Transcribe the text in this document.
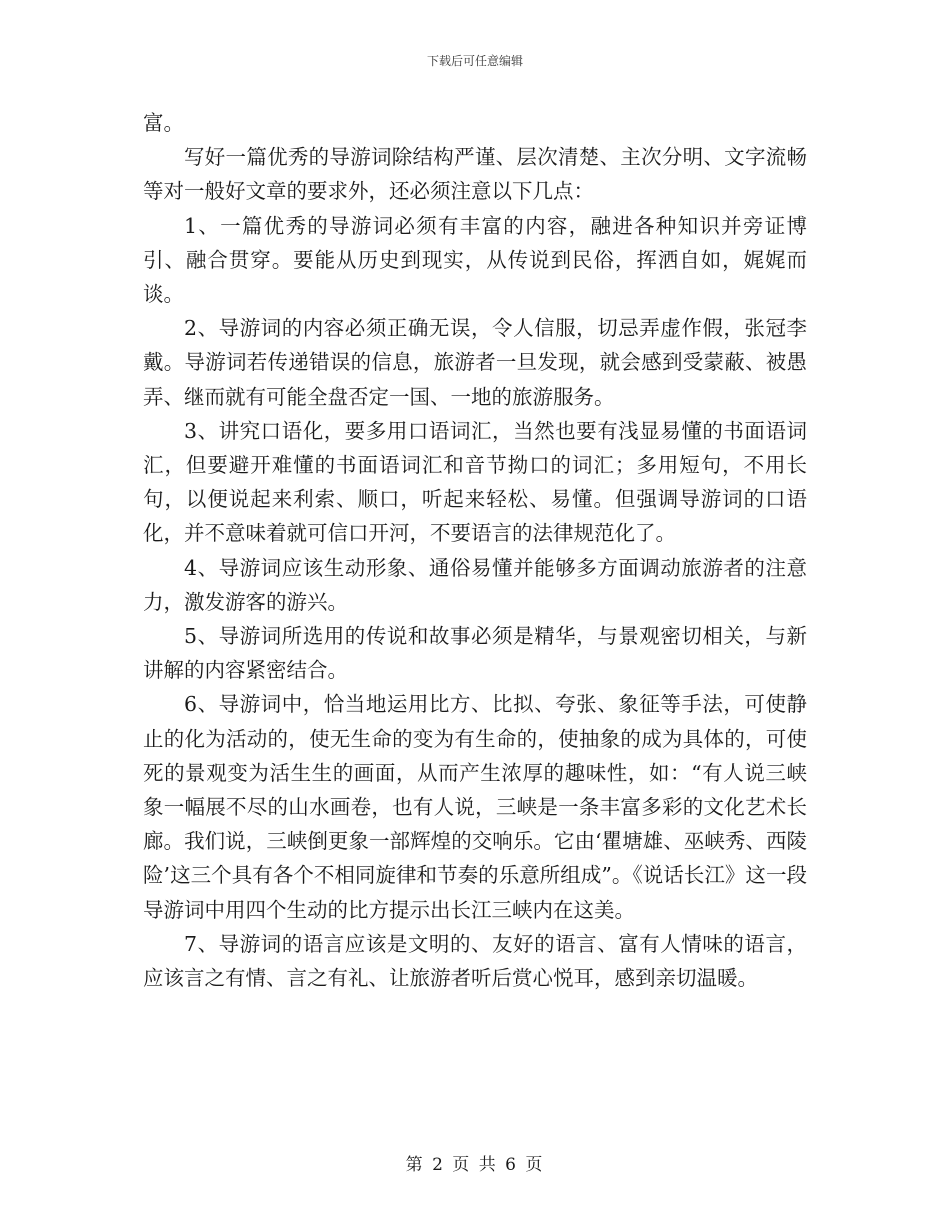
下载后可任意编辑

富。

写好一篇优秀的导游词除结构严谨、层次清楚、主次分明、文字流畅等对一般好文章的要求外，还必须注意以下几点：

1、一篇优秀的导游词必须有丰富的内容，融进各种知识并旁证博引、融合贯穿。要能从历史到现实，从传说到民俗，挥洒自如，娓娓而谈。

2、导游词的内容必须正确无误，令人信服，切忌弄虚作假，张冠李戴。导游词若传递错误的信息，旅游者一旦发现，就会感到受蒙蔽、被愚弄、继而就有可能全盘否定一国、一地的旅游服务。

3、讲究口语化，要多用口语词汇，当然也要有浅显易懂的书面语词汇，但要避开难懂的书面语词汇和音节拗口的词汇；多用短句，不用长句，以便说起来利索、顺口，听起来轻松、易懂。但强调导游词的口语化，并不意味着就可信口开河，不要语言的法律规范化了。

4、导游词应该生动形象、通俗易懂并能够多方面调动旅游者的注意力，激发游客的游兴。

5、导游词所选用的传说和故事必须是精华，与景观密切相关，与新讲解的内容紧密结合。

6、导游词中，恰当地运用比方、比拟、夸张、象征等手法，可使静止的化为活动的，使无生命的变为有生命的，使抽象的成为具体的，可使死的景观变为活生生的画面，从而产生浓厚的趣味性，如：“有人说三峡象一幅展不尽的山水画卷，也有人说，三峡是一条丰富多彩的文化艺术长廊。我们说，三峡倒更象一部辉煌的交响乐。它由‘瞿塘雄、巫峡秀、西陵险’这三个具有各个不相同旋律和节奏的乐意所组成”。《说话长江》这一段导游词中用四个生动的比方提示出长江三峡内在这美。

7、导游词的语言应该是文明的、友好的语言、富有人情味的语言，应该言之有情、言之有礼、让旅游者听后赏心悦耳，感到亲切温暖。

第 2 页 共 6 页
